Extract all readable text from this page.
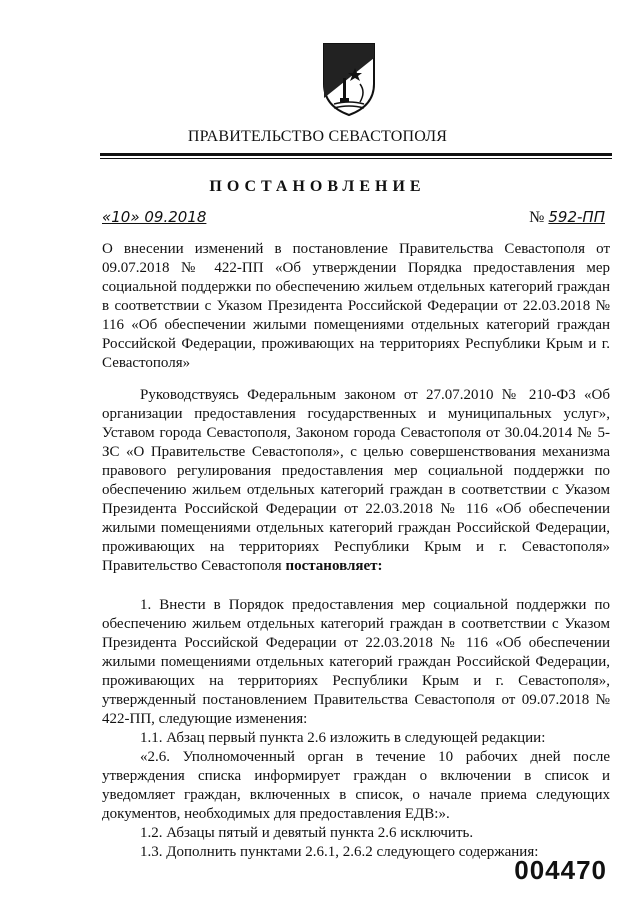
ПРАВИТЕЛЬСТВО СЕВАСТОПОЛЯ
ПОСТАНОВЛЕНИЕ
«10» 09.2018	№ 592-ПП
О внесении изменений в постановление Правительства Севастополя от 09.07.2018 № 422-ПП «Об утверждении Порядка предоставления мер социальной поддержки по обеспечению жильем отдельных категорий граждан в соответствии с Указом Президента Российской Федерации от 22.03.2018 № 116 «Об обеспечении жилыми помещениями отдельных категорий граждан Российской Федерации, проживающих на территориях Республики Крым и г. Севастополя»

Руководствуясь Федеральным законом от 27.07.2010 № 210-ФЗ «Об организации предоставления государственных и муниципальных услуг», Уставом города Севастополя, Законом города Севастополя от 30.04.2014 № 5-ЗС «О Правительстве Севастополя», с целью совершенствования механизма правового регулирования предоставления мер социальной поддержки по обеспечению жильем отдельных категорий граждан в соответствии с Указом Президента Российской Федерации от 22.03.2018 № 116 «Об обеспечении жилыми помещениями отдельных категорий граждан Российской Федерации, проживающих на территориях Республики Крым и г. Севастополя» Правительство Севастополя постановляет:

1. Внести в Порядок предоставления мер социальной поддержки по обеспечению жильем отдельных категорий граждан в соответствии с Указом Президента Российской Федерации от 22.03.2018 № 116 «Об обеспечении жилыми помещениями отдельных категорий граждан Российской Федерации, проживающих на территориях Республики Крым и г. Севастополя», утвержденный постановлением Правительства Севастополя от 09.07.2018 № 422-ПП, следующие изменения:

1.1. Абзац первый пункта 2.6 изложить в следующей редакции:

«2.6. Уполномоченный орган в течение 10 рабочих дней после утверждения списка информирует граждан о включении в список и уведомляет граждан, включенных в список, о начале приема следующих документов, необходимых для предоставления ЕДВ:».

1.2. Абзацы пятый и девятый пункта 2.6 исключить.

1.3. Дополнить пунктами 2.6.1, 2.6.2 следующего содержания:

004470
